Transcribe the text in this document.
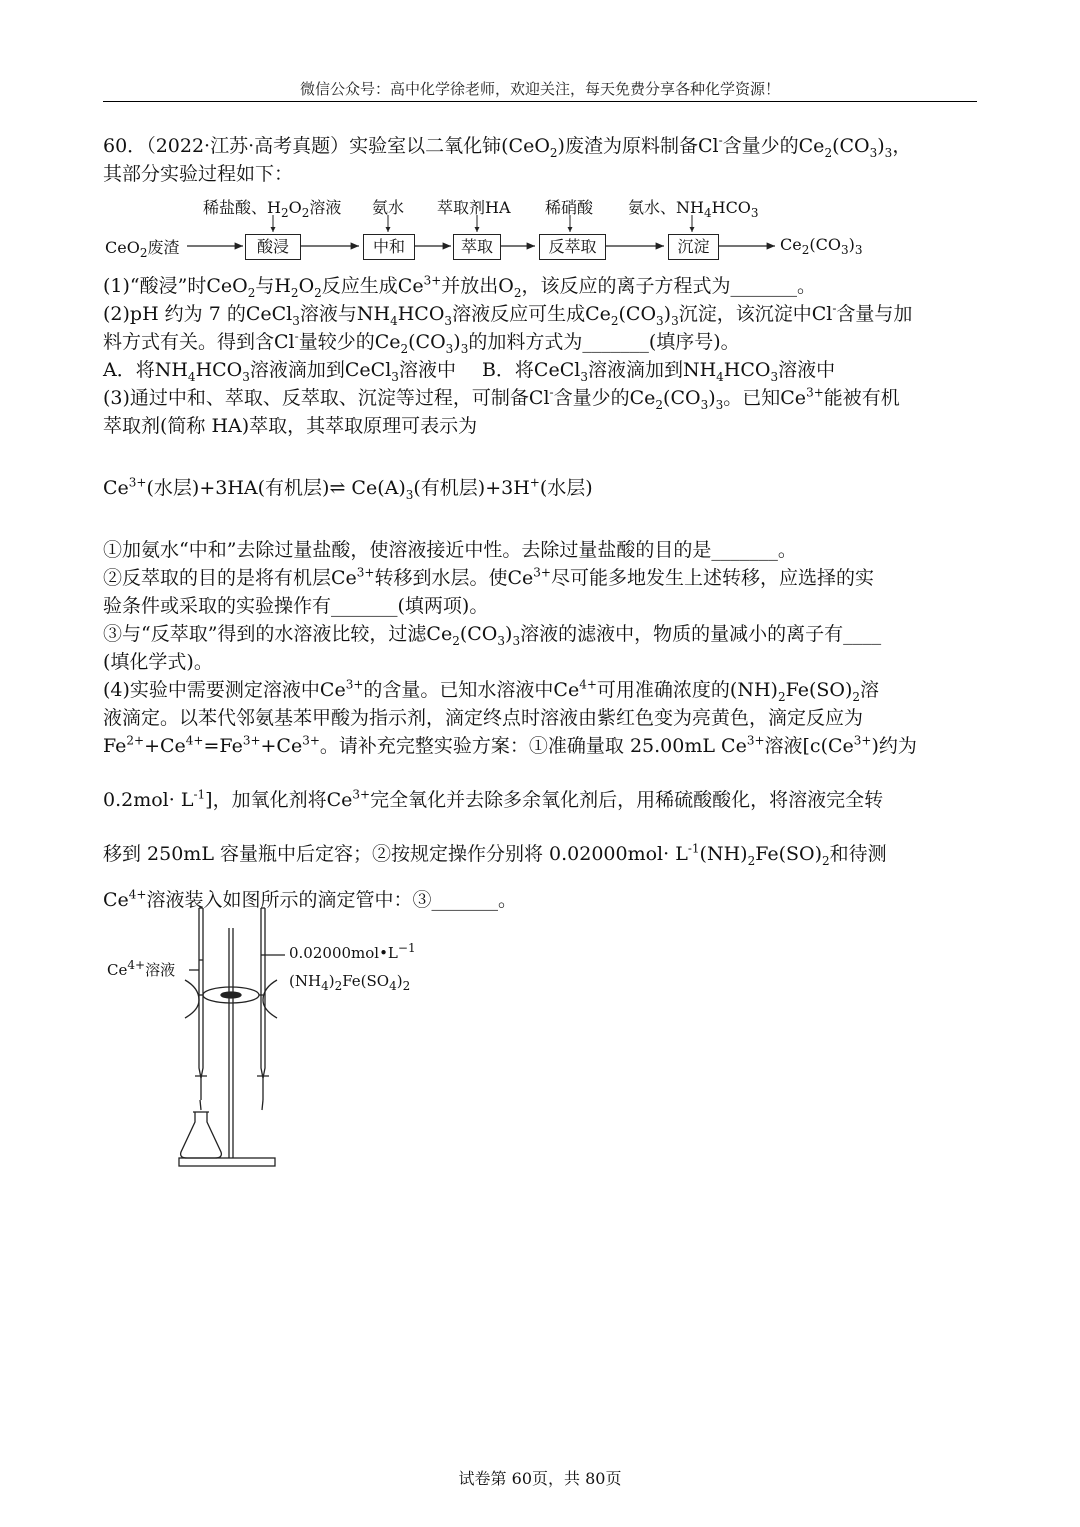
微信公众号：高中化学徐老师，欢迎关注，每天免费分享各种化学资源！

60．（2022·江苏·高考真题）实验室以二氧化铈(CeO$_2$)废渣为原料制备Cl-含量少的$Ce_2(CO_3)_3$，

其部分实验过程如下：

(1)“酸浸”时CeO$_2$与$H_2O_2$反应生成$Ce^{3+}$并放出$O_2$，该反应的离子方程式为_______。

(2)pH 约为 7 的CeCl$_3$溶液与$NH_4HCO_3$溶液反应可生成$Ce_2(CO_3)_3$沉淀，该沉淀中Cl-含量与加

料方式有关。得到含Cl-量较少的$Ce_2(CO_3)_3$的加料方式为_______(填序号)。

A．将$NH_4HCO_3$溶液滴加到CeCl$_3$溶液中 B．将CeCl$_3$溶液滴加到$NH_4HCO_3$溶液中

(3)通过中和、萃取、反萃取、沉淀等过程，可制备Cl-含量少的$Ce_2(CO_3)_3$。已知$Ce^{3+}$能被有机

萃取剂(简称 HA)萃取，其萃取原理可表示为

$Ce^{3+}$(水层)+3HA(有机层)⇌ $Ce(A)_3$(有机层)+3H+(水层)

①加氨水“中和”去除过量盐酸，使溶液接近中性。去除过量盐酸的目的是_______。

②反萃取的目的是将有机层$Ce^{3+}$转移到水层。使$Ce^{3+}$尽可能多地发生上述转移，应选择的实

验条件或采取的实验操作有_______(填两项)。

③与“反萃取”得到的水溶液比较，过滤$Ce_2(CO_3)_3$溶液的滤液中，物质的量减小的离子有____

(填化学式)。

(4)实验中需要测定溶液中$Ce^{3+}$的含量。已知水溶液中$Ce^{4+}$可用准确浓度的$(NH)_2Fe(SO)_2$溶

液滴定。以苯代邻氨基苯甲酸为指示剂，滴定终点时溶液由紫红色变为亮黄色，滴定反应为

$Fe^{2+}+Ce^{4+}=Fe^{3+}+Ce^{3+}$。请补充完整实验方案：①准确量取 25.00mL $Ce^{3+}$溶液[$c(Ce^{3+})$约为

$0.2mol\cdot L^{-1}$]，加氧化剂将$Ce^{3+}$完全氧化并去除多余氧化剂后，用稀硫酸酸化，将溶液完全转

移到 250mL 容量瓶中后定容；②按规定操作分别将 $0.02000mol\cdot L^{-1}(NH)_2Fe(SO)_2$和待测

$Ce^{4+}$溶液装入如图所示的滴定管中：③_______。

稀盐酸、$H_2O_2$溶液 氨水 萃取剂HA 稀硝酸 氨水、$NH_4HCO_3$
CeO$_2$废渣	酸浸	中和	萃取	反萃取	沉淀	$Ce_2(CO_3)_3$
$Ce^{4+}$溶液
$0.02000mol•L^{-1}$
$(NH_4)_2Fe(SO_4)_2$
试卷第 60页，共 80页
